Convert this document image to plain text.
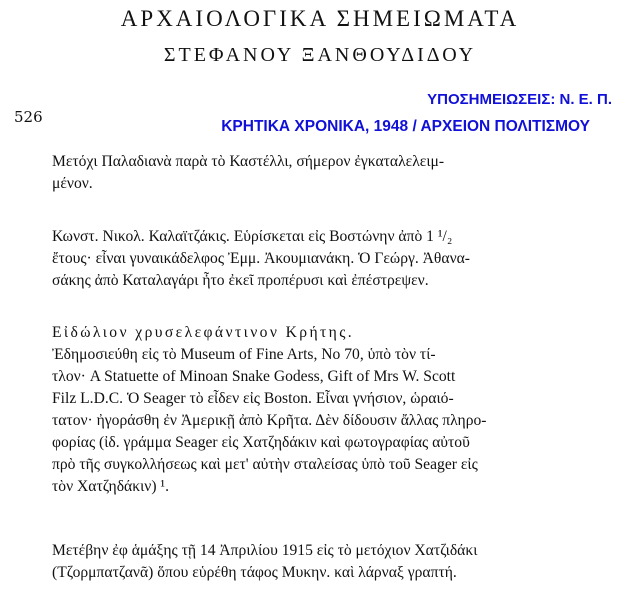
ΑΡΧΑΙΟΛΟΓΙΚΑ ΣΗΜΕΙΩΜΑΤΑ
ΣΤΕΦΑΝΟΥ ΞΑΝΘΟΥΔΙΔΟΥ
ΥΠΟΣΗΜΕΙΩΣΕΙΣ: Ν. Ε. Π.
526
ΚΡΗΤΙΚΑ ΧΡΟΝΙΚΑ, 1948 / ΑΡΧΕΙΟΝ ΠΟΛΙΤΙΣΜΟΥ
Μετόχι Παλαδιανὰ παρὰ τὸ Καστέλλι, σήμερον ἐγκαταλελειμ-
μένον.
Κωνστ. Νικολ. Καλαϊτζάκις. Εὑρίσκεται εἰς Βοστώνην ἀπὸ 1 ¹/₂
ἔτους· εἶναι γυναικάδελφος Ἐμμ. Ἀκουμιανάκη. Ὁ Γεώργ. Ἀθανα-
σάκης ἀπὸ Καταλαγάρι ἦτο ἐκεῖ προπέρυσι καὶ ἐπέστρεψεν.
Εἰδώλιον χρυσελεφάντινον Κρήτης.
Ἐδημοσιεύθη εἰς τὸ Museum of Fine Arts, No 70, ὑπὸ τὸν τί-
τλον· A Statuette of Minoan Snake Godess, Gift of Mrs W. Scott
Filz L.D.C. Ὁ Seager τὸ εἶδεν εἰς Boston. Εἶναι γνήσιον, ὡραιό-
τατον· ἠγοράσθη ἐν Ἀμερικῇ ἀπὸ Κρῆτα. Δὲν δίδουσιν ἄλλας πληρο-
φορίας (ἰδ. γράμμα Seager εἰς Χατζηδάκιν καὶ φωτογραφίας αὐτοῦ
πρὸ τῆς συγκολλήσεως καὶ μετ' αὐτὴν σταλείσας ὑπὸ τοῦ Seager εἰς
τὸν Χατζηδάκιν) ¹.
Μετέβην ἐφ ἁμάξης τῇ 14 Ἀπριλίου 1915 εἰς τὸ μετόχιον Χατζιδάκι
(Τζορμπατζανᾶ) ὅπου εὑρέθη τάφος Μυκην. καὶ λάρναξ γραπτή.
